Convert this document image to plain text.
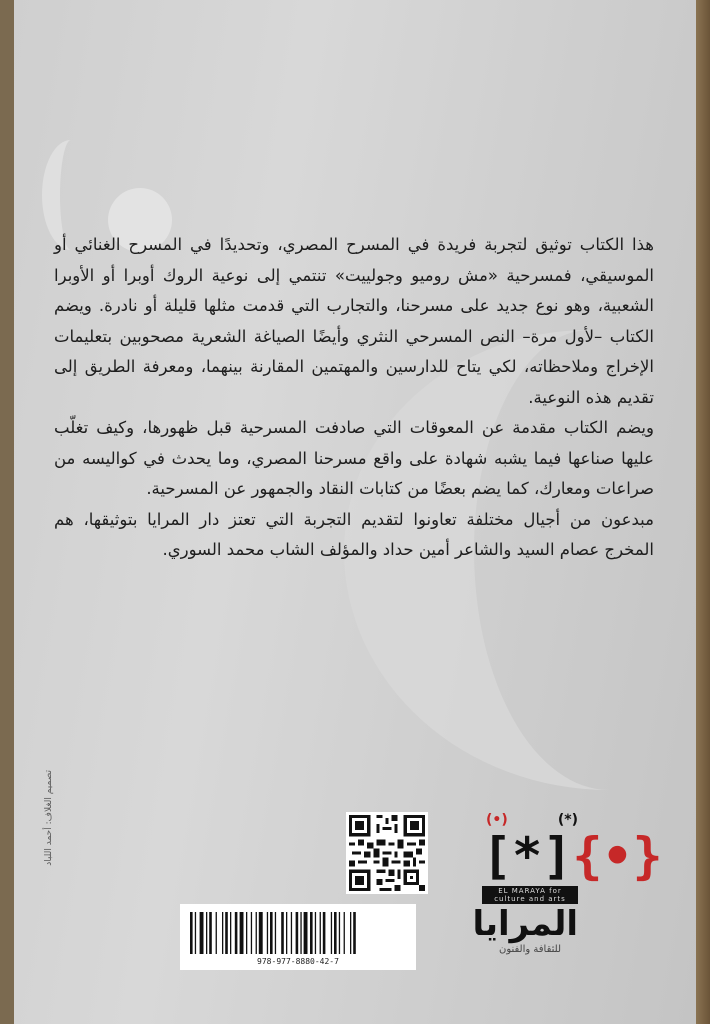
هذا الكتاب توثيق لتجربة فريدة في المسرح المصري، وتحديدًا في المسرح الغنائي أو الموسيقي، فمسرحية «مش روميو وجولييت» تنتمي إلى نوعية الروك أوبرا أو الأوبرا الشعبية، وهو نوع جديد على مسرحنا، والتجارب التي قدمت مثلها قليلة أو نادرة. ويضم الكتاب –لأول مرة– النص المسرحي النثري وأيضًا الصياغة الشعرية مصحوبين بتعليمات الإخراج وملاحظاته، لكي يتاح للدارسين والمهتمين المقارنة بينهما، ومعرفة الطريق إلى تقديم هذه النوعية.

ويضم الكتاب مقدمة عن المعوقات التي صادفت المسرحية قبل ظهورها، وكيف تغلّب عليها صناعها فيما يشبه شهادة على واقع مسرحنا المصري، وما يحدث في كواليسه من صراعات ومعارك، كما يضم بعضًا من كتابات النقاد والجمهور عن المسرحية.

مبدعون من أجيال مختلفة تعاونوا لتقديم التجربة التي تعتز دار المرايا بتوثيقها، هم المخرج عصام السيد والشاعر أمين حداد والمؤلف الشاب محمد السوري.

تصميم الغلاف: أحمد اللباد	(•)	(*)
[*] {•}
EL MARAYA for culture and arts
المرايا
للثقافة والفنون
978-977-8880-42-7
